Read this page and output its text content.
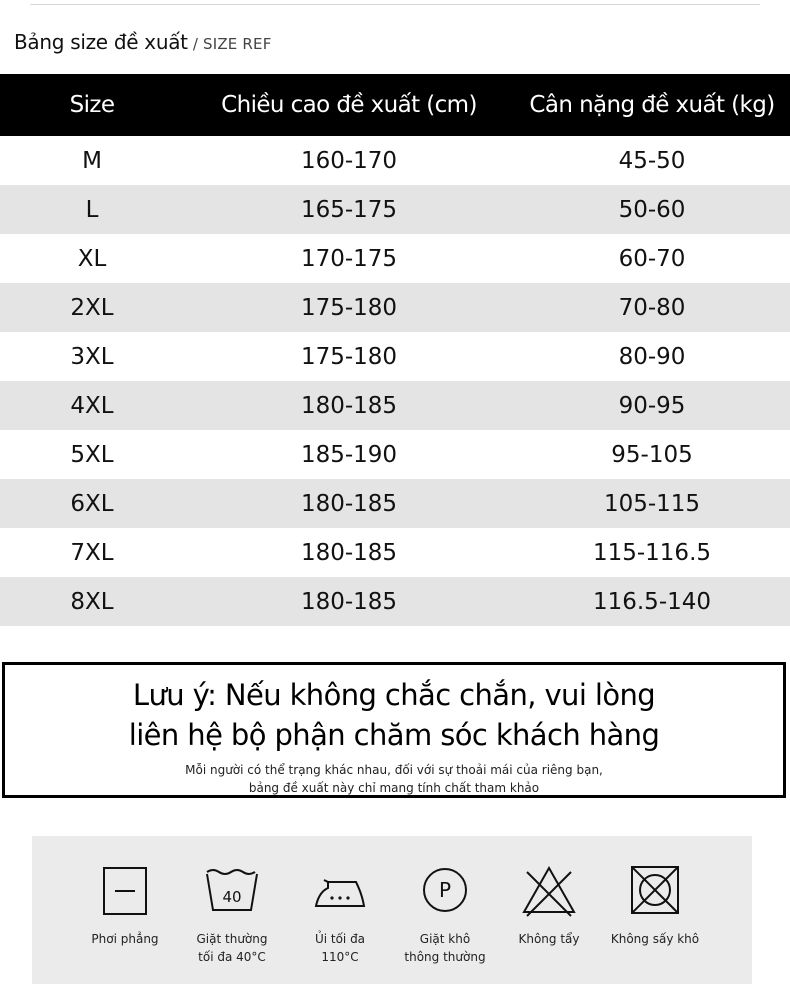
Bảng size đề xuất / SIZE REF
Size	Chiều cao đề xuất (cm)	Cân nặng đề xuất (kg)
M	160-170	45-50
L	165-175	50-60
XL	170-175	60-70
2XL	175-180	70-80
3XL	175-180	80-90
4XL	180-185	90-95
5XL	185-190	95-105
6XL	180-185	105-115
7XL	180-185	115-116.5
8XL	180-185	116.5-140
Lưu ý: Nếu không chắc chắn, vui lòng
liên hệ bộ phận chăm sóc khách hàng
Mỗi người có thể trạng khác nhau, đối với sự thoải mái của riêng bạn,
bảng đề xuất này chỉ mang tính chất tham khảo
Phơi phẳng
40
Giặt thường
tối đa 40°C
Ủi tối đa
110°C
P
Giặt khô
thông thường
Không tẩy	Không sấy khô
